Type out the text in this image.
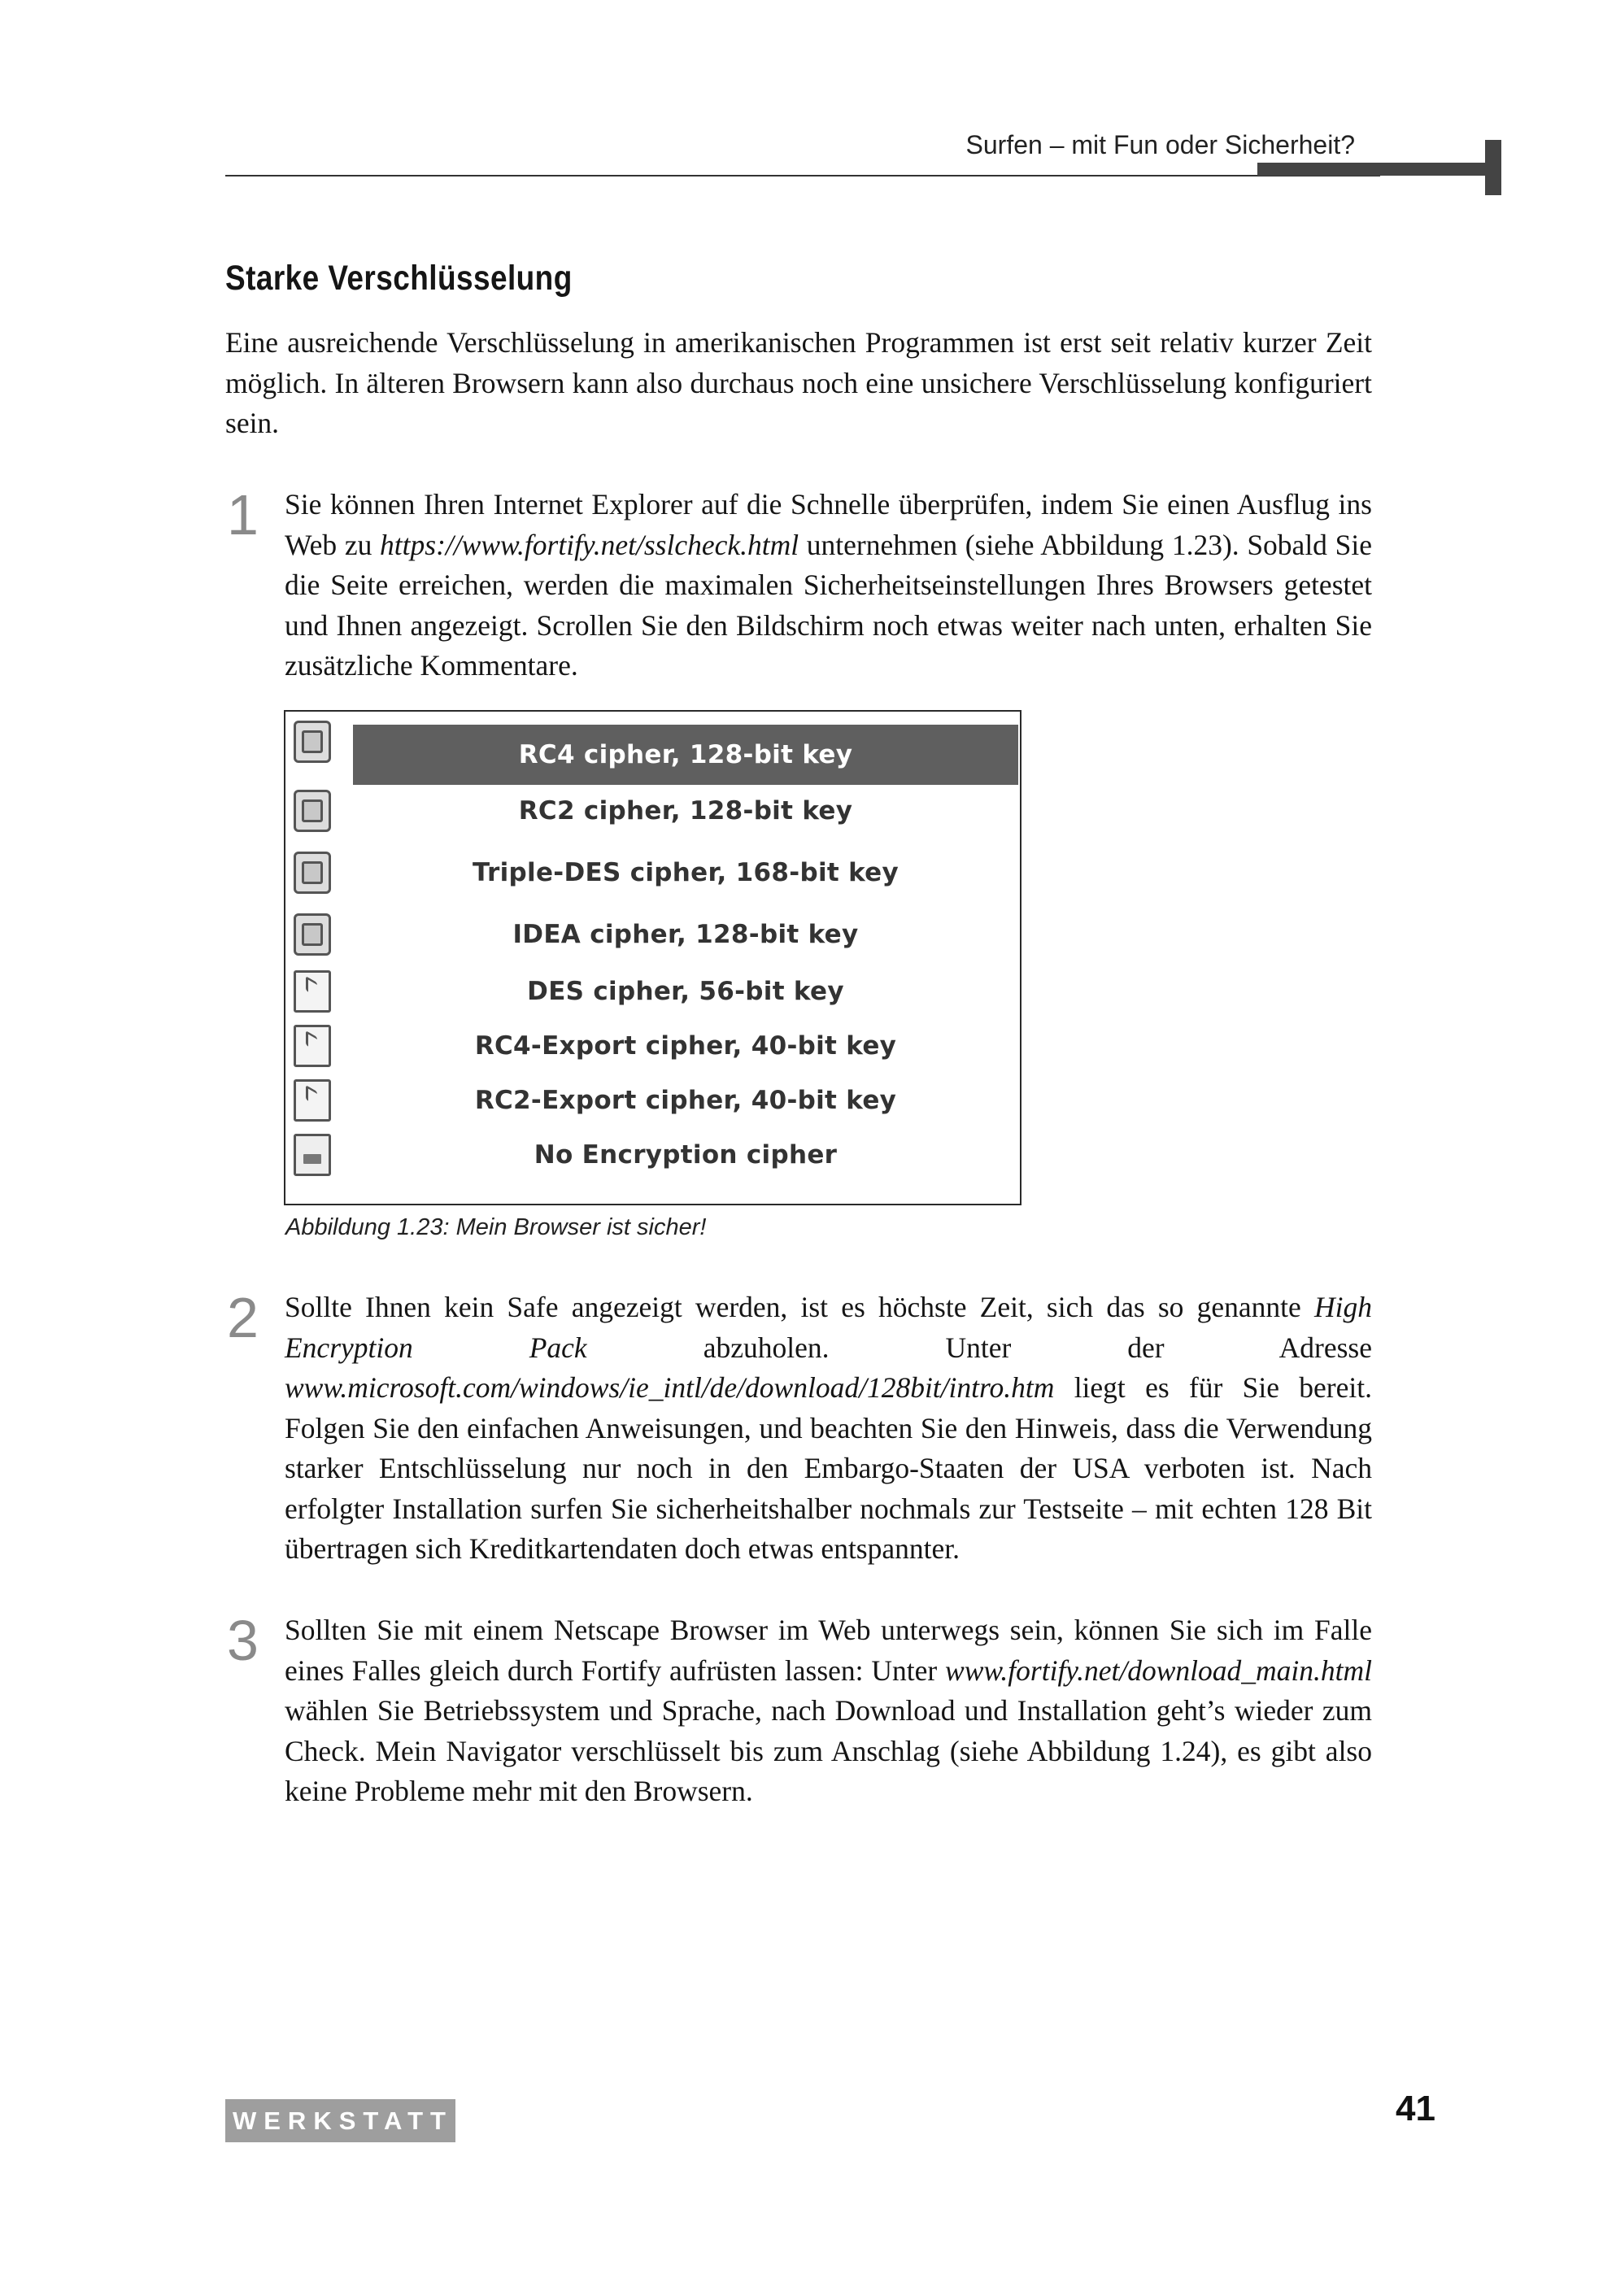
Surfen – mit Fun oder Sicherheit?
Starke Verschlüsselung
Eine ausreichende Verschlüsselung in amerikanischen Programmen ist erst seit relativ kurzer Zeit möglich. In älteren Browsern kann also durchaus noch eine unsichere Verschlüsselung konfiguriert sein.
1 Sie können Ihren Internet Explorer auf die Schnelle überprüfen, indem Sie einen Ausflug ins Web zu https://www.fortify.net/sslcheck.html unternehmen (siehe Abbildung 1.23). Sobald Sie die Seite erreichen, werden die maximalen Sicherheitseinstellungen Ihres Browsers getestet und Ihnen angezeigt. Scrollen Sie den Bildschirm noch etwas weiter nach unten, erhalten Sie zusätzliche Kommentare.
RC4 cipher, 128-bit key
RC2 cipher, 128-bit key
Triple-DES cipher, 168-bit key
IDEA cipher, 128-bit key
DES cipher, 56-bit key
RC4-Export cipher, 40-bit key
RC2-Export cipher, 40-bit key
No Encryption cipher
Abbildung 1.23: Mein Browser ist sicher!
2 Sollte Ihnen kein Safe angezeigt werden, ist es höchste Zeit, sich das so genannte High Encryption Pack abzuholen. Unter der Adresse www.microsoft.com/windows/ie_intl/de/download/128bit/intro.htm liegt es für Sie bereit. Folgen Sie den einfachen Anweisungen, und beachten Sie den Hinweis, dass die Verwendung starker Entschlüsselung nur noch in den Embargo-Staaten der USA verboten ist. Nach erfolgter Installation surfen Sie sicherheitshalber nochmals zur Testseite – mit echten 128 Bit übertragen sich Kreditkartendaten doch etwas entspannter.
3 Sollten Sie mit einem Netscape Browser im Web unterwegs sein, können Sie sich im Falle eines Falles gleich durch Fortify aufrüsten lassen: Unter www.fortify.net/download_main.html wählen Sie Betriebssystem und Sprache, nach Download und Installation geht’s wieder zum Check. Mein Navigator verschlüsselt bis zum Anschlag (siehe Abbildung 1.24), es gibt also keine Probleme mehr mit den Browsern.
WERKSTATT	41
